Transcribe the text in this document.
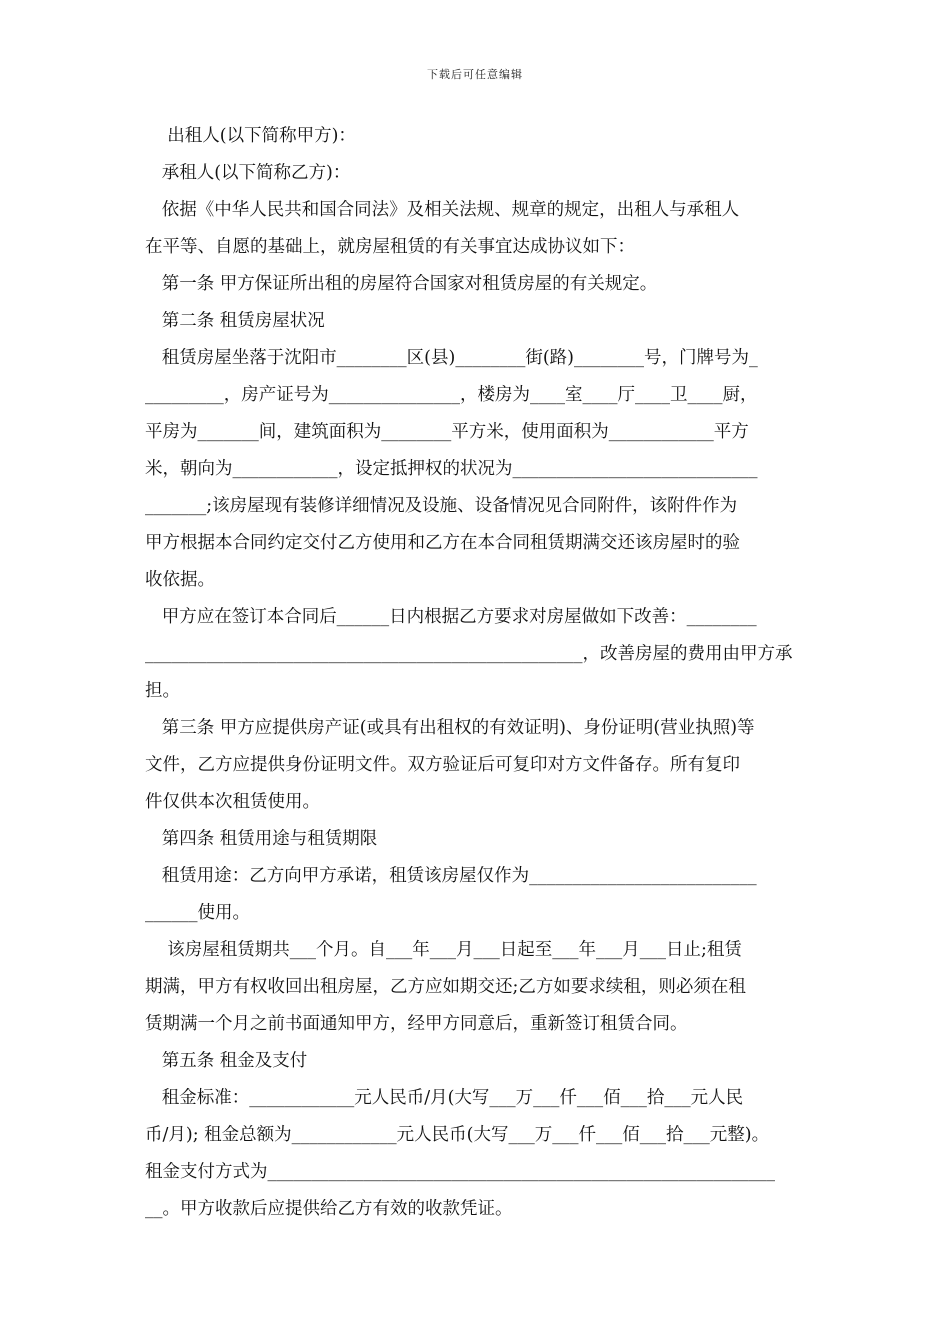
下载后可任意编辑
出租人(以下简称甲方)：
承租人(以下简称乙方)：
依据《中华人民共和国合同法》及相关法规、规章的规定，出租人与承租人
在平等、自愿的基础上，就房屋租赁的有关事宜达成协议如下：
第一条 甲方保证所出租的房屋符合国家对租赁房屋的有关规定。
第二条 租赁房屋状况
租赁房屋坐落于沈阳市________区(县)________街(路)________号，门牌号为_
_________，房产证号为_______________，楼房为____室____厅____卫____厨，
平房为_______间，建筑面积为________平方米，使用面积为____________平方
米，朝向为____________，设定抵押权的状况为____________________________
_______;该房屋现有装修详细情况及设施、设备情况见合同附件，该附件作为
甲方根据本合同约定交付乙方使用和乙方在本合同租赁期满交还该房屋时的验
收依据。
甲方应在签订本合同后______日内根据乙方要求对房屋做如下改善：________
__________________________________________________，改善房屋的费用由甲方承
担。
第三条 甲方应提供房产证(或具有出租权的有效证明)、身份证明(营业执照)等
文件，乙方应提供身份证明文件。双方验证后可复印对方文件备存。所有复印
件仅供本次租赁使用。
第四条 租赁用途与租赁期限
租赁用途：乙方向甲方承诺，租赁该房屋仅作为__________________________
______使用。
该房屋租赁期共___个月。自___年___月___日起至___年___月___日止;租赁
期满，甲方有权收回出租房屋，乙方应如期交还;乙方如要求续租，则必须在租
赁期满一个月之前书面通知甲方，经甲方同意后，重新签订租赁合同。
第五条 租金及支付
租金标准：____________元人民币/月(大写___万___仟___佰___拾___元人民
币/月); 租金总额为____________元人民币(大写___万___仟___佰___拾___元整)。
租金支付方式为__________________________________________________________
__。甲方收款后应提供给乙方有效的收款凭证。
